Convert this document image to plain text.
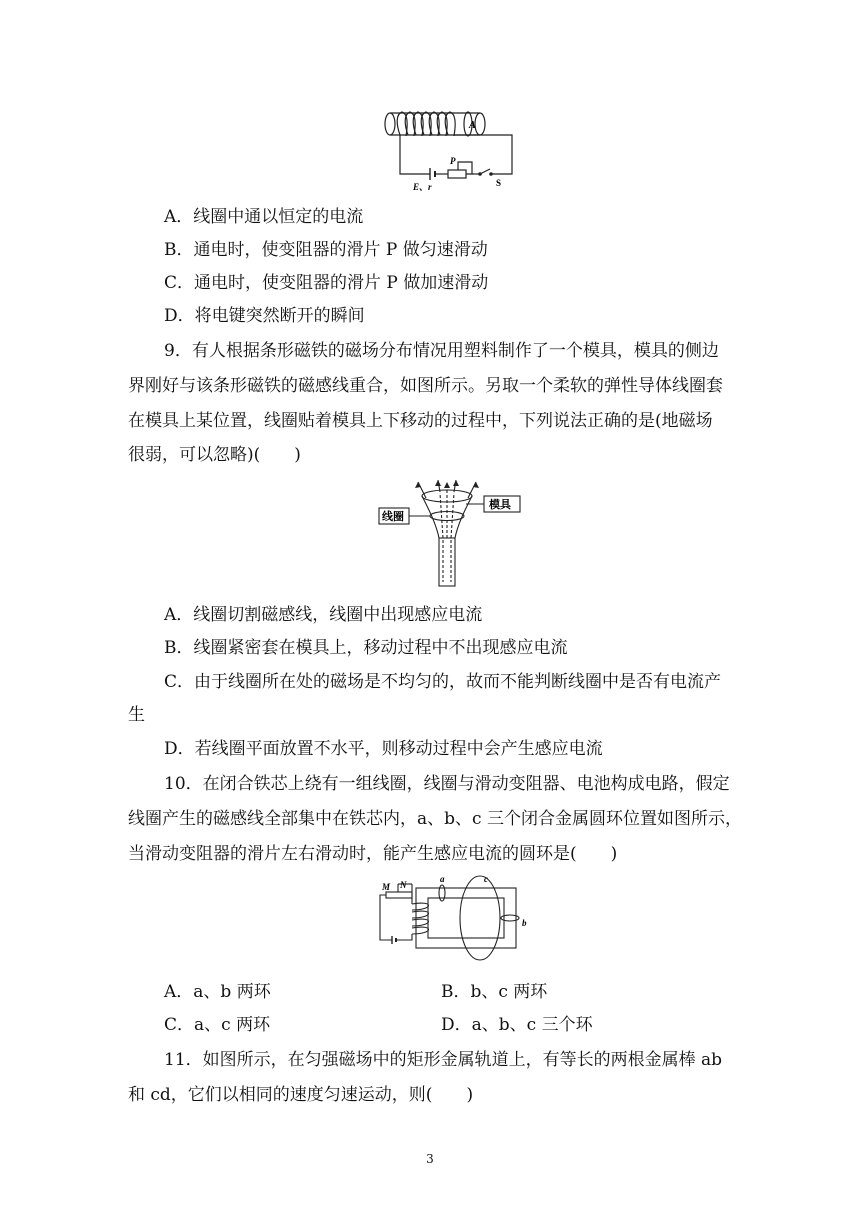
A
P
E、r	S
A．线圈中通以恒定的电流
B．通电时，使变阻器的滑片 P 做匀速滑动
C．通电时，使变阻器的滑片 P 做加速滑动
D．将电键突然断开的瞬间
9．有人根据条形磁铁的磁场分布情况用塑料制作了一个模具，模具的侧边
界刚好与该条形磁铁的磁感线重合，如图所示。另取一个柔软的弹性导体线圈套
在模具上某位置，线圈贴着模具上下移动的过程中，下列说法正确的是(地磁场
很弱，可以忽略)(　　)
线圈
模具
A．线圈切割磁感线，线圈中出现感应电流
B．线圈紧密套在模具上，移动过程中不出现感应电流
C．由于线圈所在处的磁场是不均匀的，故而不能判断线圈中是否有电流产
生
D．若线圈平面放置不水平，则移动过程中会产生感应电流
10．在闭合铁芯上绕有一组线圈，线圈与滑动变阻器、电池构成电路，假定
线圈产生的磁感线全部集中在铁芯内，a、b、c 三个闭合金属圆环位置如图所示，
当滑动变阻器的滑片左右滑动时，能产生感应电流的圆环是(　　)
M N
a	c
b
A．a、b 两环	B．b、c 两环
C．a、c 两环	D．a、b、c 三个环
11．如图所示，在匀强磁场中的矩形金属轨道上，有等长的两根金属棒 ab
和 cd，它们以相同的速度匀速运动，则(　　)
3
